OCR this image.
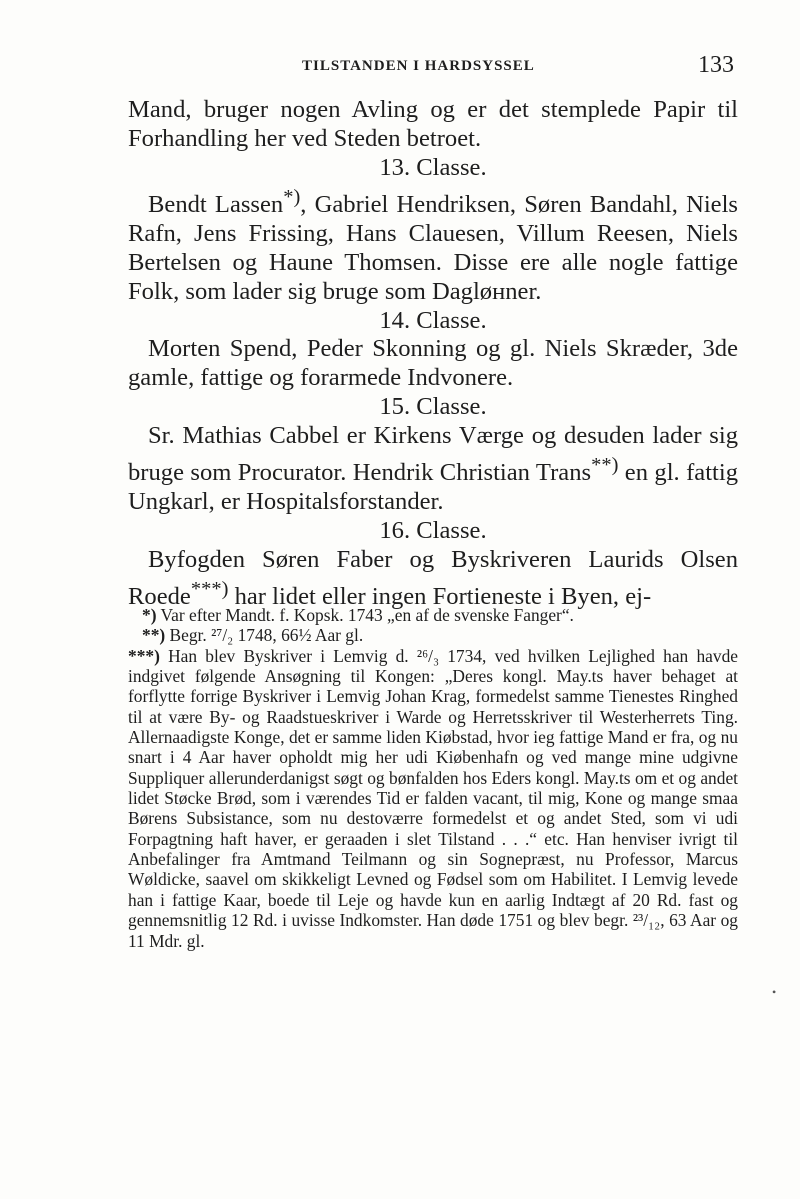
TILSTANDEN I HARDSYSSEL	133

Mand, bruger nogen Avling og er det stemplede Papir til Forhandling her ved Steden betroet.

13. Classe.

Bendt Lassen*), Gabriel Hendriksen, Søren Bandahl, Niels Rafn, Jens Frissing, Hans Clauesen, Villum Reesen, Niels Bertelsen og Haune Thomsen. Disse ere alle nogle fattige Folk, som lader sig bruge som Dagløнner.

14. Classe.

Morten Spend, Peder Skonning og gl. Niels Skræder, 3de gamle, fattige og forarmede Indvonere.

15. Classe.

Sr. Mathias Cabbel er Kirkens Værge og desuden lader sig bruge som Procurator. Hendrik Christian Trans**) en gl. fattig Ungkarl, er Hospitalsforstander.

16. Classe.

Byfogden Søren Faber og Byskriveren Laurids Olsen Roede***) har lidet eller ingen Fortieneste i Byen, ej-

*) Var efter Mandt. f. Kopsk. 1743 „en af de svenske Fanger“.

**) Begr. ²⁷/₂ 1748, 66½ Aar gl.

***) Han blev Byskriver i Lemvig d. ²⁶/₃ 1734, ved hvilken Lejlighed han havde indgivet følgende Ansøgning til Kongen: „Deres kongl. May.ts haver behaget at forflytte forrige Byskriver i Lemvig Johan Krag, formedelst samme Tienestes Ringhed til at være By- og Raadstueskriver i Warde og Herretsskriver til Westerherrets Ting. Allernaadigste Konge, det er samme liden Kiøbstad, hvor ieg fattige Mand er fra, og nu snart i 4 Aar haver opholdt mig her udi Kiøbenhafn og ved mange mine udgivne Suppliquer allerunderdanigst søgt og bønfalden hos Eders kongl. May.ts om et og andet lidet Støcke Brød, som i værendes Tid er falden vacant, til mig, Kone og mange smaa Børens Subsistance, som nu destoværre formedelst et og andet Sted, som vi udi Forpagtning haft haver, er geraaden i slet Tilstand . . .“ etc. Han henviser ivrigt til Anbefalinger fra Amtmand Teilmann og sin Sognepræst, nu Professor, Marcus Wøldicke, saavel om skikkeligt Levned og Fødsel som om Habilitet. I Lemvig levede han i fattige Kaar, boede til Leje og havde kun en aarlig Indtægt af 20 Rd. fast og gennemsnitlig 12 Rd. i uvisse Indkomster. Han døde 1751 og blev begr. ²³/₁₂, 63 Aar og 11 Mdr. gl.

•
